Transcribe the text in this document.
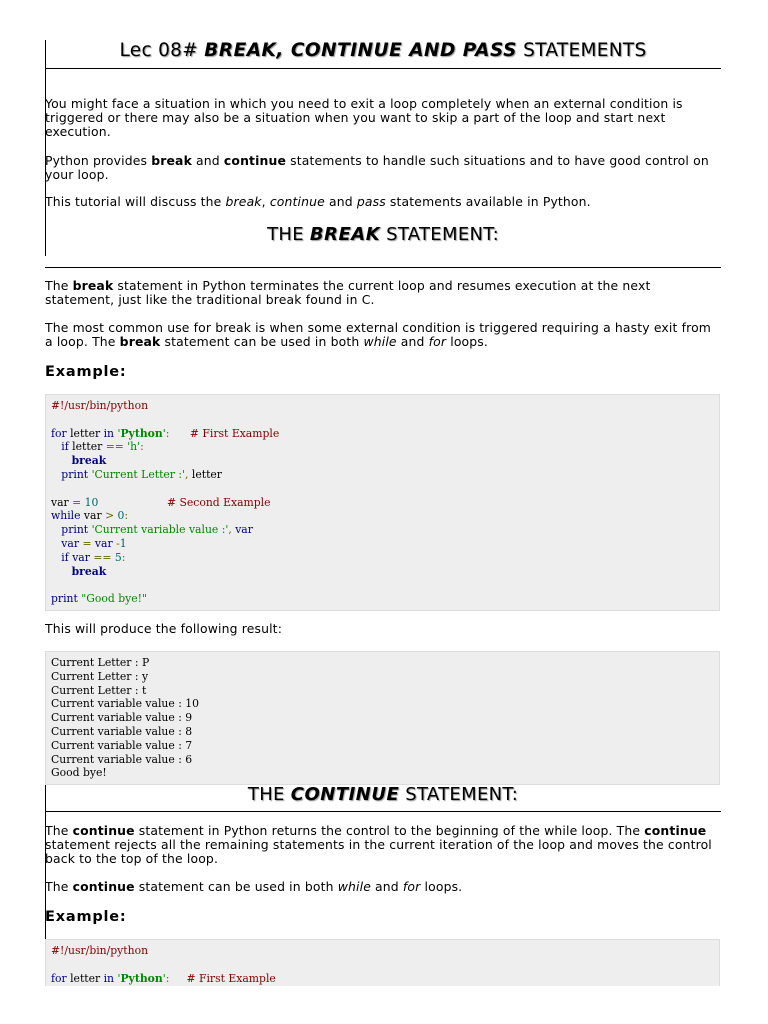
Lec 08# BREAK, CONTINUE AND PASS STATEMENTS

You might face a situation in which you need to exit a loop completely when an external condition is triggered or there may also be a situation when you want to skip a part of the loop and start next execution.

Python provides break and continue statements to handle such situations and to have good control on your loop.

This tutorial will discuss the break, continue and pass statements available in Python.

THE BREAK STATEMENT:

The break statement in Python terminates the current loop and resumes execution at the next statement, just like the traditional break found in C.

The most common use for break is when some external condition is triggered requiring a hasty exit from a loop. The break statement can be used in both while and for loops.

Example:

#!/usr/bin/python

for letter in 'Python': # First Example
if letter == 'h':
break
print 'Current Letter :', letter

var = 10	# Second Example
while var > 0:
print 'Current variable value :', var
var = var -1
if var == 5:
break

print "Good bye!"

This will produce the following result:

Current Letter : P
Current Letter : y
Current Letter : t
Current variable value : 10
Current variable value : 9
Current variable value : 8
Current variable value : 7
Current variable value : 6
Good bye!
THE CONTINUE STATEMENT:

The continue statement in Python returns the control to the beginning of the while loop. The continue statement rejects all the remaining statements in the current iteration of the loop and moves the control back to the top of the loop.

The continue statement can be used in both while and for loops.

Example:

#!/usr/bin/python

for letter in 'Python': # First Example
